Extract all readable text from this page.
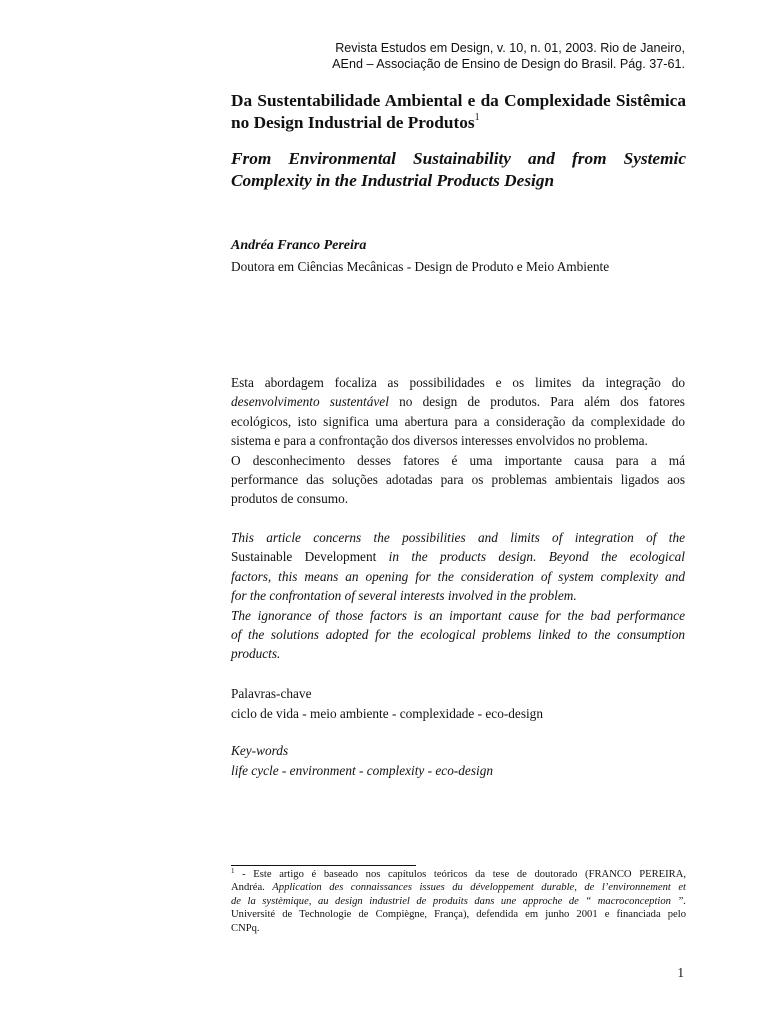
Revista Estudos em Design, v. 10, n. 01, 2003. Rio de Janeiro,
AEnd – Associação de Ensino de Design do Brasil. Pág. 37-61.
Da Sustentabilidade Ambiental e da Complexidade Sistêmica no Design Industrial de Produtos$^1$
From Environmental Sustainability and from Systemic Complexity in the Industrial Products Design
Andréa Franco Pereira
Doutora em Ciências Mecânicas - Design de Produto e Meio Ambiente
Esta abordagem focaliza as possibilidades e os limites da integração do
desenvolvimento sustentável no design de produtos. Para além dos fatores
ecológicos, isto significa uma abertura para a consideração da complexidade do
sistema e para a confrontação dos diversos interesses envolvidos no problema.
O desconhecimento desses fatores é uma importante causa para a má
performance das soluções adotadas para os problemas ambientais ligados aos
produtos de consumo.
This article concerns the possibilities and limits of integration of the
Sustainable Development in the products design. Beyond the ecological
factors, this means an opening for the consideration of system complexity and
for the confrontation of several interests involved in the problem.
The ignorance of those factors is an important cause for the bad performance
of the solutions adopted for the ecological problems linked to the consumption
products.
Palavras-chave
ciclo de vida - meio ambiente - complexidade - eco-design
Key-words
life cycle - environment - complexity - eco-design
$^1$ - Este artigo é baseado nos capítulos teóricos da tese de doutorado (FRANCO PEREIRA,
Andréa. Application des connaissances issues du développement durable, de l’environnement et
de la systèmique, au design industriel de produits dans une approche de “ macroconception ”.
Université de Technologie de Compiègne, França), defendida em junho 2001 e financiada pelo
CNPq.
1
